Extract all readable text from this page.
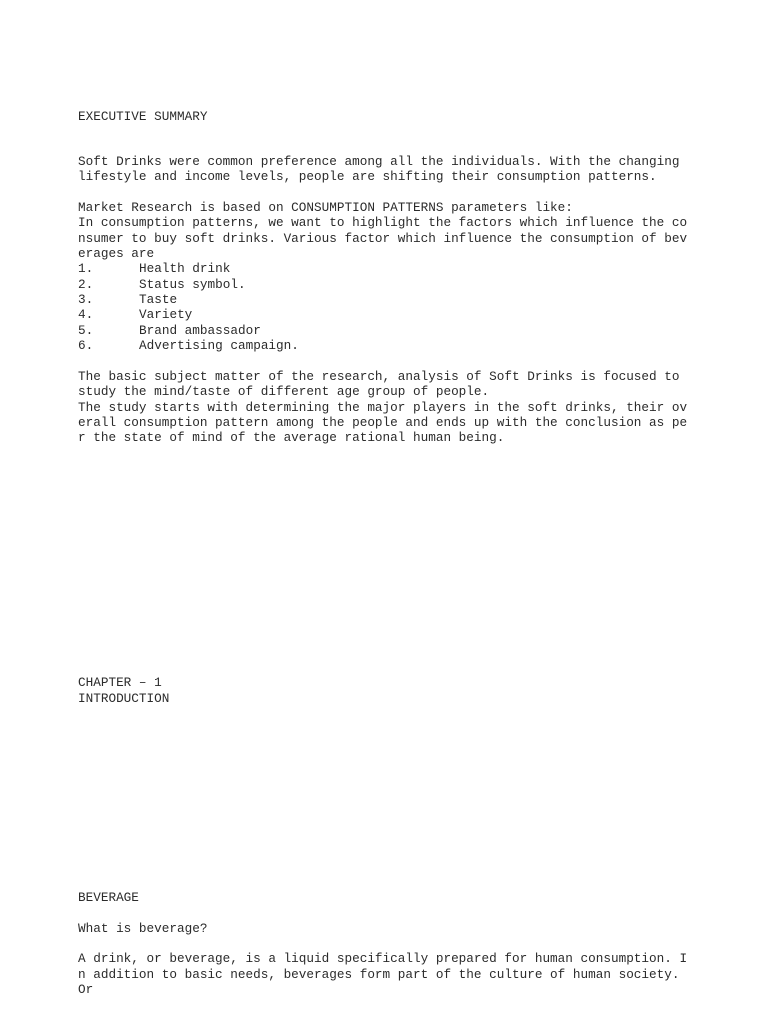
EXECUTIVE SUMMARY
Soft Drinks were common preference among all the individuals. With the changing
lifestyle and income levels, people are shifting their consumption patterns.
Market Research is based on CONSUMPTION PATTERNS parameters like:
In consumption patterns, we want to highlight the factors which influence the co
nsumer to buy soft drinks. Various factor which influence the consumption of bev
erages are
1.	Health drink
2.	Status symbol.
3.	Taste
4.	Variety
5.	Brand ambassador
6.	Advertising campaign.
The basic subject matter of the research, analysis of Soft Drinks is focused to
study the mind/taste of different age group of people.
The study starts with determining the major players in the soft drinks, their ov
erall consumption pattern among the people and ends up with the conclusion as pe
r the state of mind of the average rational human being.
CHAPTER – 1
INTRODUCTION
BEVERAGE
What is beverage?
A drink, or beverage, is a liquid specifically prepared for human consumption. I
n addition to basic needs, beverages form part of the culture of human society.
Or
